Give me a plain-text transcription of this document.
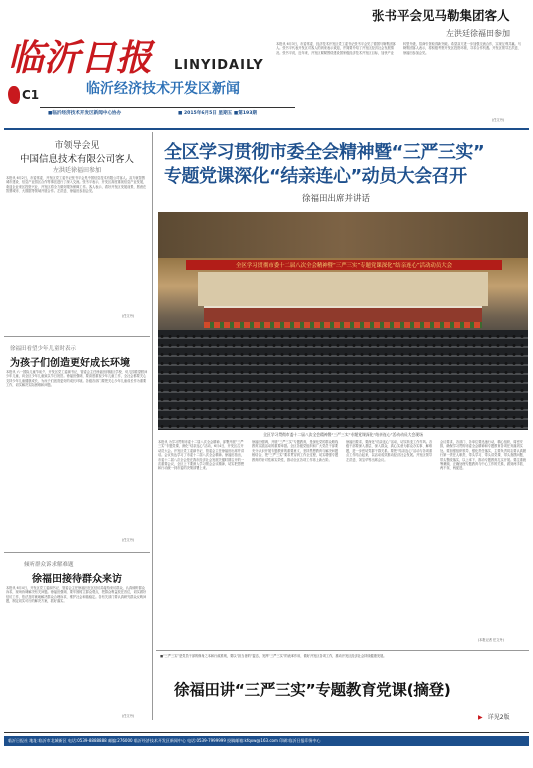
临沂日报 LINYIDAILY
临沂经济技术开发区新闻
C1
■临沂经济技术开发区新闻中心协办	■ 2015年6月5日 星期五 ■第193期
张书平会见马勒集团客人
左洪廷徐福田参加
本报讯 6月3日，市委常委、经济技术开发区党工委书记张书平会见了德国马勒集团客人。张书平代表开发区对客人的到来表示欢迎，并简要介绍了开发区经济社会发展情况。张书平说，近年来，开发区紧紧围绕建设国家级经济技术开发区目标，加快产业转型升级，招商引资取得新突破。希望双方进一步加强交流合作，实现互利共赢。马勒集团客人表示，将积极考察开发区投资环境，寻求合作机遇。开发区领导左洪廷、徐福田参加会见。
(任文丹)
市领导会见
中国信息技术有限公司客人
左洪廷徐福田参加
本报讯 6月2日，市委常委、开发区党工委书记张书平会见中国信息技术有限公司客人。双方就智慧城市建设、信息产业园区合作等事宜进行了深入交流。张书平表示，开发区高度重视信息产业发展，欢迎企业来区投资兴业，开发区将全力做好服务保障工作。客人表示，看好开发区发展前景，愿意在智慧城市、大数据等领域开展合作。左洪廷、徐福田参加会见。
(任文丹)
徐福田看望少年儿童时表示
为孩子们创造更好成长环境
本报讯 六一国际儿童节前夕，开发区党工委副书记、管委会主任徐福田到辖区学校、幼儿园看望慰问少年儿童，向全区少年儿童致以节日祝贺。徐福田强调，要高度重视少年儿童工作，全社会都要关心支持少年儿童健康成长，为孩子们创造更好的成长环境。各级各部门要把关心少年儿童成长作为重要工作，切实解决实际困难和问题。
(任文丹)
倾听群众诉求解难题
徐福田接待群众来访
本报讯 6月4日，开发区党工委副书记、管委会主任徐福田在区信访局接待来访群众，认真倾听群众诉求，现场协调解决有关问题。徐福田强调，要牢固树立群众观点，把群众利益放在首位，切实做好信访工作，依法及时就地解决群众合理诉求，维护社会和谐稳定。各有关部门要认真研究群众反映问题，制定切实可行的解决方案，抓好落实。
(任文丹)
全区学习贯彻市委全会精神暨“三严三实”
专题党课深化“结亲连心”动员大会召开
徐福田出席并讲话
全区学习贯彻市委十二届八次全会精神暨“三严三实”专题党课深化“结亲连心”活动动员大会
全区学习贯彻市委十二届八次全会精神暨“三严三实”专题党课深化“结亲连心”活动动员大会现场
本报讯 为学习贯彻市委十二届八次全会精神，部署开展“三严三实”专题党课，深化“结亲连心”活动，6月4日，开发区召开动员大会。开发区党工委副书记、管委会主任徐福田出席并讲话。会议传达学习了市委十二届八次全会精神。徐福田指出，市委十二届八次全会是在我市经济社会发展关键时期召开的一次重要会议，全区上下要深入学习领会会议精神，切实把思想和行动统一到市委的决策部署上来。
徐福田强调，开展“三严三实”专题教育，是深化党的群众路线教育实践活动的重要举措。全区各级党组织和广大党员干部要充分认识开展专题教育的重要意义，坚持思想教育与解决问题相结合，把“三严三实”要求贯穿到工作全过程，切实增强专题教育的针对性和实效性，推动全区各项工作再上新台阶。
徐福田要求，要深化“结亲连心”活动，切实转变工作作风。各级干部要深入基层、深入群众，真心实意为群众办实事、解难题，进一步密切党群干群关系。要把“结亲连心”活动与各项重点工作结合起来，以活动成效推动经济社会发展。开发区领导左洪廷、刘宝华等出席会议。
会议要求，各部门、各单位要迅速行动，精心组织，周密安排，确保学习贯彻市委全会精神和专题教育各项任务落到实处。要加强组织领导，强化责任落实，主要负责同志要认真履行第一责任人职责，带头学习、带头讲党课、带头查摆问题、带头整改落实，以上率下，推动专题教育扎实开展。要注重统筹兼顾，正确处理专题教育与中心工作的关系，做到两手抓、两不误、两促进。
(本报记者 任文丹)
■“三严三实”是党员干部的修身之本和行政准则，要以“担当者的”姿态，发挥“三严三实”的表率作用，做好开发区各项工作，推动开发区经济社会持续健康发展。
徐福田讲“三严三实”专题教育党课(摘登)
▶ 详见2版
临沂日报社 地址:临沂市北城新区 电话:0539-8888888 邮编:276000 临沂经济技术开发区新闻中心 电话:0539-7999999 投稿邮箱:kfqxw@163.com 印刷:临沂日报印务中心
